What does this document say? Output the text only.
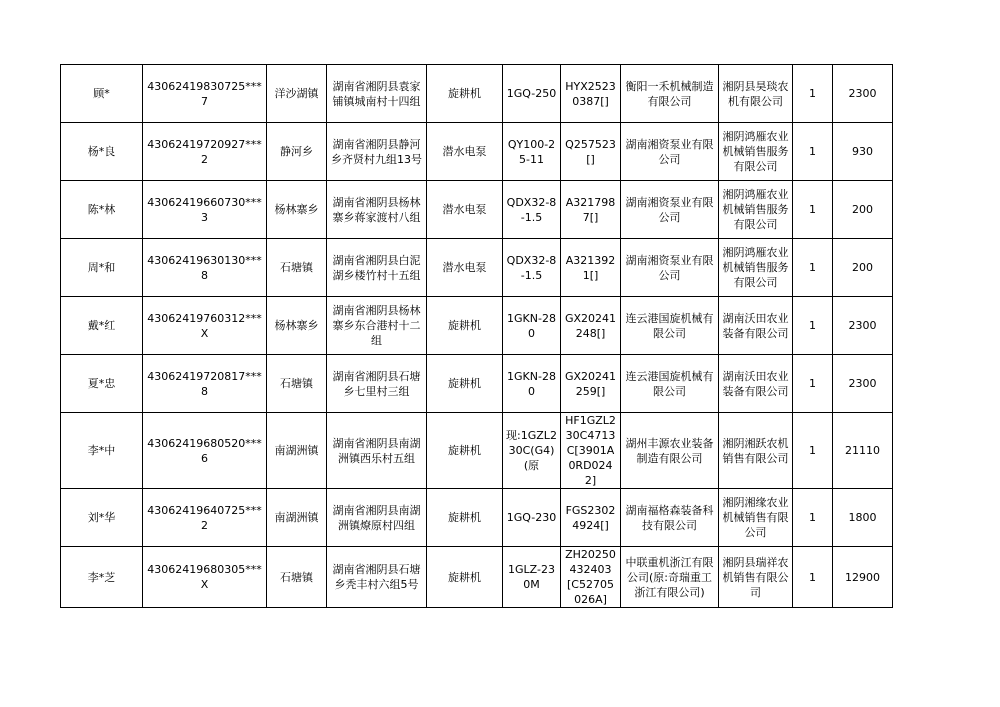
顾*	43062419830725***7	洋沙湖镇	湖南省湘阴县袁家铺镇城南村十四组	旋耕机	1GQ-250	HYX25230387[]	衡阳一禾机械制造有限公司	湘阴县昊琰农机有限公司	1	2300
杨*良	43062419720927***2	静河乡	湖南省湘阴县静河乡齐贤村九组13号	潜水电泵	QY100-25-11	Q257523[]	湖南湘资泵业有限公司	湘阴鸿雁农业机械销售服务有限公司	1	930
陈*林	43062419660730***3	杨林寨乡	湖南省湘阴县杨林寨乡蒋家渡村八组	潜水电泵	QDX32-8-1.5	A3217987[]	湖南湘资泵业有限公司	湘阴鸿雁农业机械销售服务有限公司	1	200
周*和	43062419630130***8	石塘镇	湖南省湘阴县白泥湖乡楼竹村十五组	潜水电泵	QDX32-8-1.5	A3213921[]	湖南湘资泵业有限公司	湘阴鸿雁农业机械销售服务有限公司	1	200
戴*红	43062419760312***X	杨林寨乡	湖南省湘阴县杨林寨乡东合港村十二组	旋耕机	1GKN-280	GX20241248[]	连云港国旋机械有限公司	湖南沃田农业装备有限公司	1	2300
夏*忠	43062419720817***8	石塘镇	湖南省湘阴县石塘乡七里村三组	旋耕机	1GKN-280	GX20241259[]	连云港国旋机械有限公司	湖南沃田农业装备有限公司	1	2300
李*中	43062419680520***6	南湖洲镇	湖南省湘阴县南湖洲镇西乐村五组	旋耕机	现:1GZL230C(G4)(原	HF1GZL230C4713C[3901A0RD0242]	湖州丰源农业装备制造有限公司	湘阴湘跃农机销售有限公司	1	21110
刘*华	43062419640725***2	南湖洲镇	湖南省湘阴县南湖洲镇燎原村四组	旋耕机	1GQ-230	FGS23024924[]	湖南福格森装备科技有限公司	湘阴湘缘农业机械销售有限公司	1	1800
李*芝	43062419680305***X	石塘镇	湖南省湘阴县石塘乡秃丰村六组5号	旋耕机	1GLZ-230M	ZH20250432403[C52705026A]	中联重机浙江有限公司(原:奇瑞重工浙江有限公司)	湘阴县瑞祥农机销售有限公司	1	12900
